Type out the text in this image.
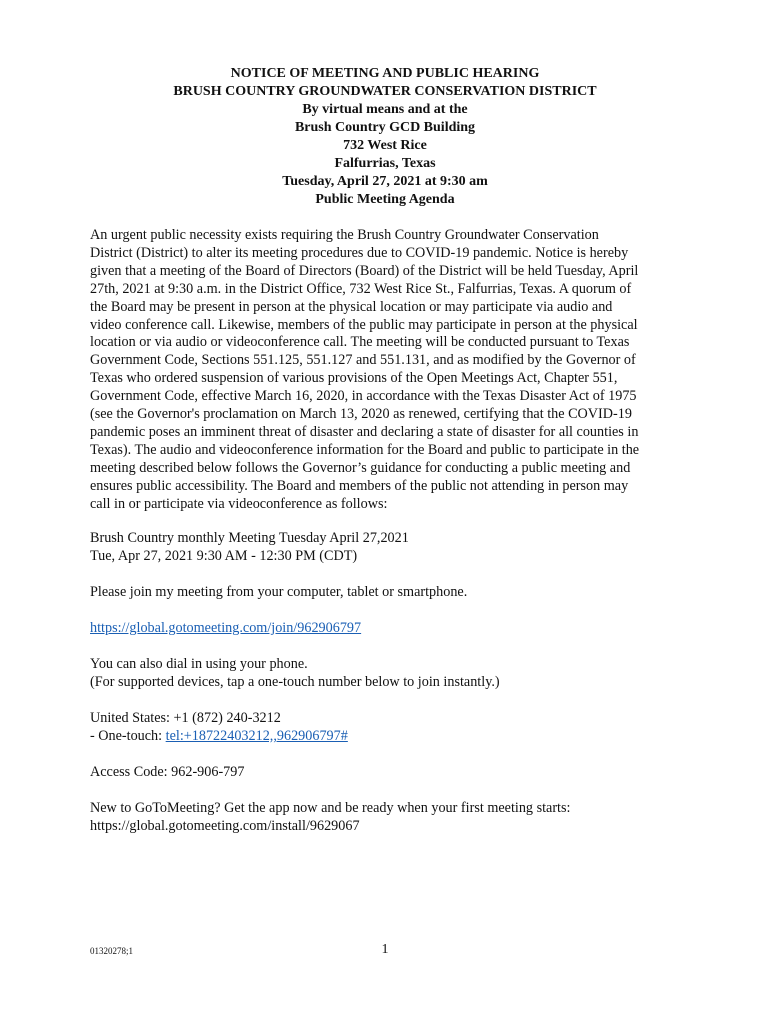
NOTICE OF MEETING AND PUBLIC HEARING
BRUSH COUNTRY GROUNDWATER CONSERVATION DISTRICT
By virtual means and at the
Brush Country GCD Building
732 West Rice
Falfurrias, Texas
Tuesday, April 27, 2021 at 9:30 am
Public Meeting Agenda
An urgent public necessity exists requiring the Brush Country Groundwater Conservation
District (District) to alter its meeting procedures due to COVID-19 pandemic. Notice is hereby
given that a meeting of the Board of Directors (Board) of the District will be held Tuesday, April
27th, 2021 at 9:30 a.m. in the District Office, 732 West Rice St., Falfurrias, Texas. A quorum of
the Board may be present in person at the physical location or may participate via audio and
video conference call. Likewise, members of the public may participate in person at the physical
location or via audio or videoconference call. The meeting will be conducted pursuant to Texas
Government Code, Sections 551.125, 551.127 and 551.131, and as modified by the Governor of
Texas who ordered suspension of various provisions of the Open Meetings Act, Chapter 551,
Government Code, effective March 16, 2020, in accordance with the Texas Disaster Act of 1975
(see the Governor's proclamation on March 13, 2020 as renewed, certifying that the COVID-19
pandemic poses an imminent threat of disaster and declaring a state of disaster for all counties in
Texas). The audio and videoconference information for the Board and public to participate in the
meeting described below follows the Governor’s guidance for conducting a public meeting and
ensures public accessibility. The Board and members of the public not attending in person may
call in or participate via videoconference as follows:
Brush Country monthly Meeting Tuesday April 27,2021
Tue, Apr 27, 2021 9:30 AM - 12:30 PM (CDT)
Please join my meeting from your computer, tablet or smartphone.
https://global.gotomeeting.com/join/962906797
You can also dial in using your phone.
(For supported devices, tap a one-touch number below to join instantly.)
United States: +1 (872) 240-3212
- One-touch: tel:+18722403212,,962906797#
Access Code: 962-906-797
New to GoToMeeting? Get the app now and be ready when your first meeting starts:
https://global.gotomeeting.com/install/9629067
01320278;1	1
